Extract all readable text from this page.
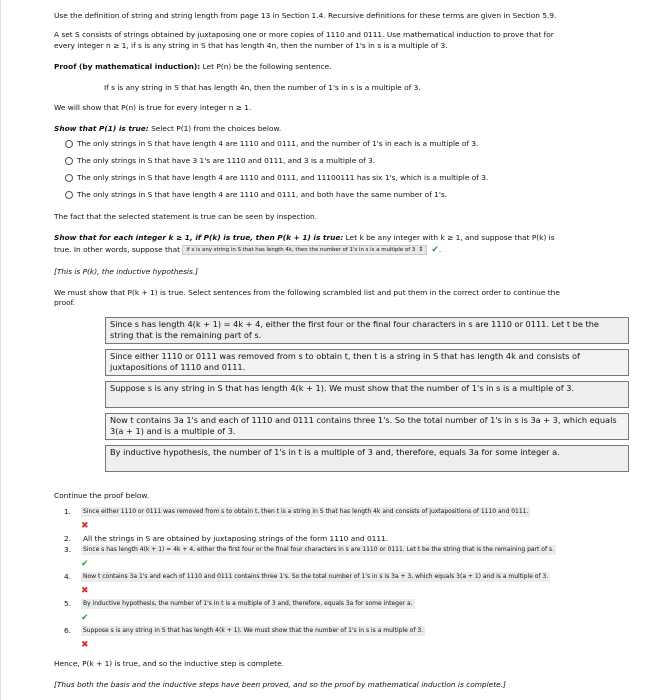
Use the definition of string and string length from page 13 in Section 1.4. Recursive definitions for these terms are given in Section 5.9.
A set S consists of strings obtained by juxtaposing one or more copies of 1110 and 0111. Use mathematical induction to prove that for
every integer n ≥ 1, if s is any string in S that has length 4n, then the number of 1's in s is a multiple of 3.
Proof (by mathematical induction): Let P(n) be the following sentence.
If s is any string in S that has length 4n, then the number of 1's in s is a multiple of 3.
We will show that P(n) is true for every integer n ≥ 1.
Show that P(1) is true: Select P(1) from the choices below.
The only strings in S that have length 4 are 1110 and 0111, and the number of 1's in each is a multiple of 3.
The only strings in S that have 3 1's are 1110 and 0111, and 3 is a multiple of 3.
The only strings in S that have length 4 are 1110 and 0111, and 11100111 has six 1's, which is a multiple of 3.
The only strings in S that have length 4 are 1110 and 0111, and both have the same number of 1's.
The fact that the selected statement is true can be seen by inspection.
Show that for each integer k ≥ 1, if P(k) is true, then P(k + 1) is true: Let k be any integer with k ≥ 1, and suppose that P(k) is
true. In other words, suppose that if s is any string in S that has length 4k, then the number of 1's in s is a multiple of 3 ⇕ ✔.
[This is P(k), the inductive hypothesis.]
We must show that P(k + 1) is true. Select sentences from the following scrambled list and put them in the correct order to continue the
proof.
Since s has length 4(k + 1) = 4k + 4, either the first four or the final four characters in s are 1110 or 0111. Let t be the string that is the remaining part of s.
Since either 1110 or 0111 was removed from s to obtain t, then t is a string in S that has length 4k and consists of juxtapositions of 1110 and 0111.
Suppose s is any string in S that has length 4(k + 1). We must show that the number of 1's in s is a multiple of 3.
Now t contains 3a 1's and each of 1110 and 0111 contains three 1's. So the total number of 1's in s is 3a + 3, which equals 3(a + 1) and is a multiple of 3.
By inductive hypothesis, the number of 1's in t is a multiple of 3 and, therefore, equals 3a for some integer a.
Continue the proof below.
1.	Since either 1110 or 0111 was removed from s to obtain t, then t is a string in S that has length 4k and consists of juxtapositions of 1110 and 0111.
✖
2. All the strings in S are obtained by juxtaposing strings of the form 1110 and 0111.
3.	Since s has length 4(k + 1) = 4k + 4, either the first four or the final four characters in s are 1110 or 0111. Let t be the string that is the remaining part of s.
✔
4.	Now t contains 3a 1's and each of 1110 and 0111 contains three 1's. So the total number of 1's in s is 3a + 3, which equals 3(a + 1) and is a multiple of 3.
✖
5.	By inductive hypothesis, the number of 1's in t is a multiple of 3 and, therefore, equals 3a for some integer a.
✔
6.	Suppose s is any string in S that has length 4(k + 1). We must show that the number of 1's in s is a multiple of 3.
✖
Hence, P(k + 1) is true, and so the inductive step is complete.
[Thus both the basis and the inductive steps have been proved, and so the proof by mathematical induction is complete.]
